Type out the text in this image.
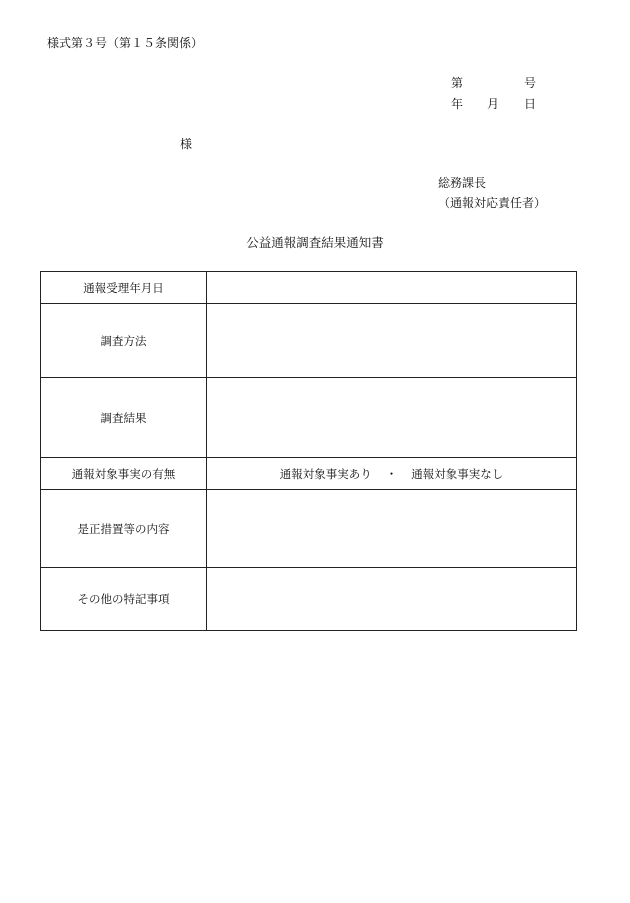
様式第３号（第１５条関係）
第	号
年 月 日
様
総務課長
（通報対応責任者）
公益通報調査結果通知書
通報受理年月日	
調査方法	
調査結果	
通報対象事実の有無	通報対象事実あり ・ 通報対象事実なし
是正措置等の内容	
その他の特記事項	
